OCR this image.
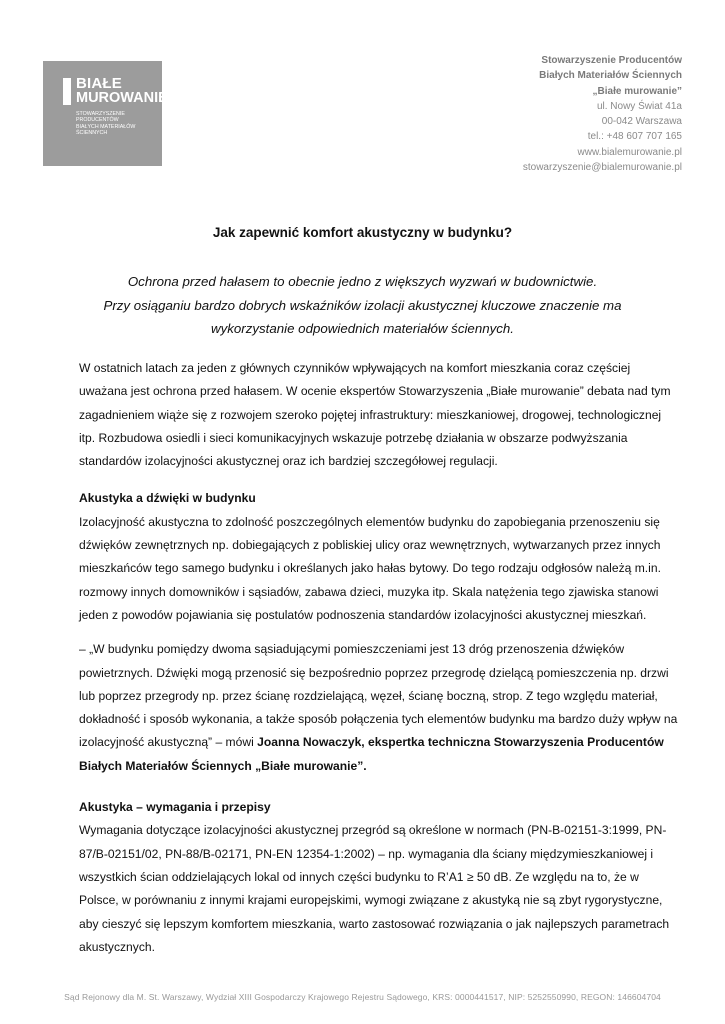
BIAŁE
MUROWANIE
STOWARZYSZENIE
PRODUCENTÓW
BIAŁYCH MATERIAŁÓW
ŚCIENNYCH
Stowarzyszenie Producentów
Białych Materiałów Ściennych
„Białe murowanie”
ul. Nowy Świat 41a
00-042 Warszawa
tel.: +48 607 707 165
www.bialemurowanie.pl
stowarzyszenie@bialemurowanie.pl
Jak zapewnić komfort akustyczny w budynku?
Ochrona przed hałasem to obecnie jedno z większych wyzwań w budownictwie.
Przy osiąganiu bardzo dobrych wskaźników izolacji akustycznej kluczowe znaczenie ma
wykorzystanie odpowiednich materiałów ściennych.

W ostatnich latach za jeden z głównych czynników wpływających na komfort mieszkania coraz częściej uważana jest ochrona przed hałasem. W ocenie ekspertów Stowarzyszenia „Białe murowanie” debata nad tym zagadnieniem wiąże się z rozwojem szeroko pojętej infrastruktury: mieszkaniowej, drogowej, technologicznej itp. Rozbudowa osiedli i sieci komunikacyjnych wskazuje potrzebę działania w obszarze podwyższania standardów izolacyjności akustycznej oraz ich bardziej szczegółowej regulacji.

Akustyka a dźwięki w budynku

Izolacyjność akustyczna to zdolność poszczególnych elementów budynku do zapobiegania przenoszeniu się dźwięków zewnętrznych np. dobiegających z pobliskiej ulicy oraz wewnętrznych, wytwarzanych przez innych mieszkańców tego samego budynku i określanych jako hałas bytowy. Do tego rodzaju odgłosów należą m.in. rozmowy innych domowników i sąsiadów, zabawa dzieci, muzyka itp. Skala natężenia tego zjawiska stanowi jeden z powodów pojawiania się postulatów podnoszenia standardów izolacyjności akustycznej mieszkań.

– „W budynku pomiędzy dwoma sąsiadującymi pomieszczeniami jest 13 dróg przenoszenia dźwięków powietrznych. Dźwięki mogą przenosić się bezpośrednio poprzez przegrodę dzielącą pomieszczenia np. drzwi lub poprzez przegrody np. przez ścianę rozdzielającą, węzeł, ścianę boczną, strop. Z tego względu materiał, dokładność i sposób wykonania, a także sposób połączenia tych elementów budynku ma bardzo duży wpływ na izolacyjność akustyczną” – mówi Joanna Nowaczyk, ekspertka techniczna Stowarzyszenia Producentów Białych Materiałów Ściennych „Białe murowanie”.

Akustyka – wymagania i przepisy

Wymagania dotyczące izolacyjności akustycznej przegród są określone w normach (PN-B-02151-3:1999, PN-87/B-02151/02, PN-88/B-02171, PN-EN 12354-1:2002) – np. wymagania dla ściany międzymieszkaniowej i wszystkich ścian oddzielających lokal od innych części budynku to R’A1 ≥ 50 dB. Ze względu na to, że w Polsce, w porównaniu z innymi krajami europejskimi, wymogi związane z akustyką nie są zbyt rygorystyczne, aby cieszyć się lepszym komfortem mieszkania, warto zastosować rozwiązania o jak najlepszych parametrach akustycznych.

Sąd Rejonowy dla M. St. Warszawy, Wydział XIII Gospodarczy Krajowego Rejestru Sądowego, KRS: 0000441517, NIP: 5252550990, REGON: 146604704
